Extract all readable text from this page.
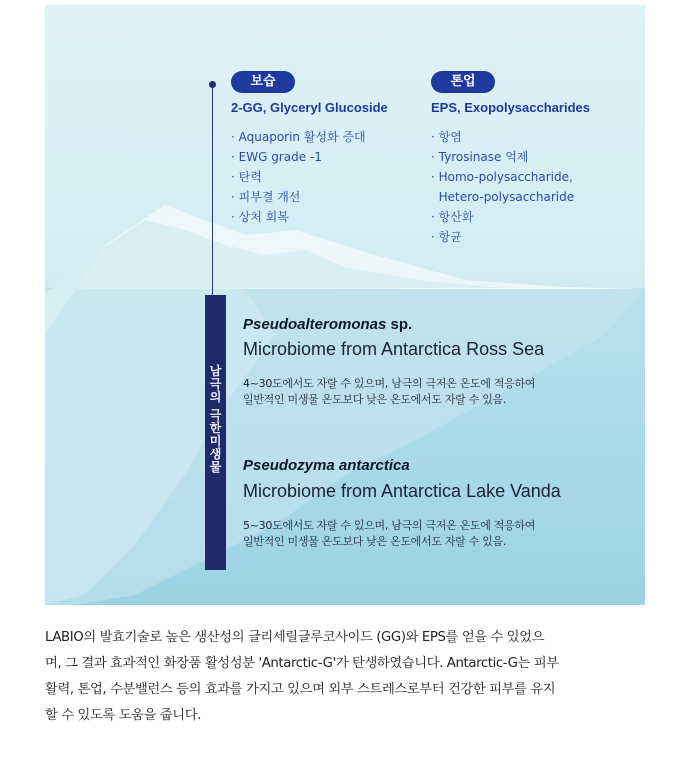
남
극
의
극
한
미
생
물
보습
2-GG, Glyceryl Glucoside
· Aquaporin 활성화 증대
· EWG grade -1
· 탄력
· 피부결 개선
· 상처 회복
톤업
EPS, Exopolysaccharides
· 항염
· Tyrosinase 억제
· Homo-polysaccharide,
Hetero-polysaccharide
· 항산화
· 항균
Pseudoalteromonas sp.
Microbiome from Antarctica Ross Sea
4~30도에서도 자랄 수 있으며, 남극의 극저온 온도에 적응하여
일반적인 미생물 온도보다 낮은 온도에서도 자랄 수 있음.
Pseudozyma antarctica
Microbiome from Antarctica Lake Vanda
5~30도에서도 자랄 수 있으며, 남극의 극저온 온도에 적응하여
일반적인 미생물 온도보다 낮은 온도에서도 자랄 수 있음.
LABIO의 발효기술로 높은 생산성의 글리세릴글루코사이드 (GG)와 EPS를 얻을 수 있었으
며, 그 결과 효과적인 화장품 활성성분 'Antarctic-G'가 탄생하였습니다. Antarctic-G는 피부
활력, 톤업, 수분밸런스 등의 효과를 가지고 있으며 외부 스트레스로부터 건강한 피부를 유지
할 수 있도록 도움을 줍니다.
